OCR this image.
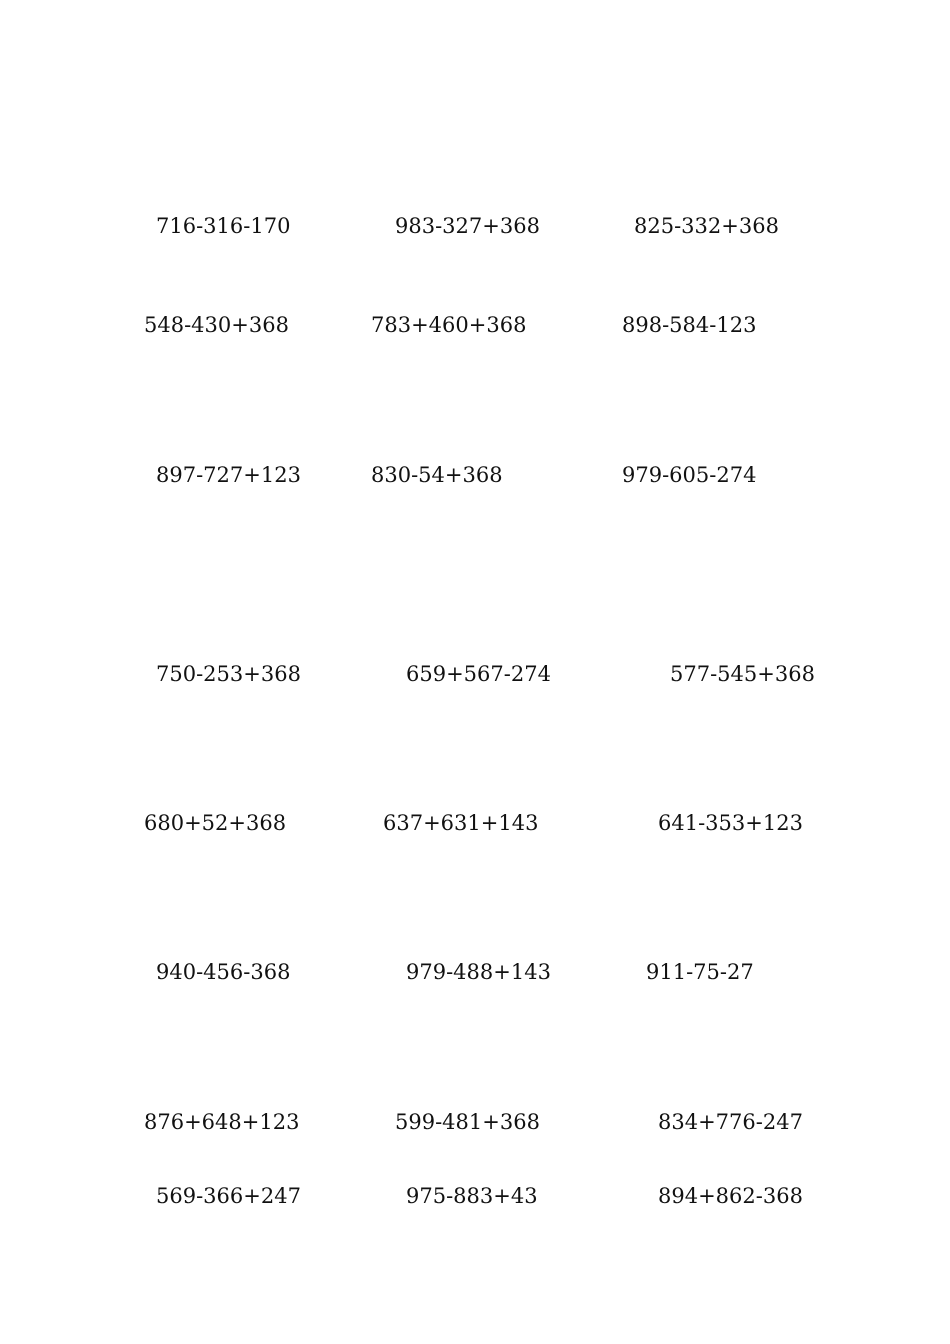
716-316-170	983-327+368	825-332+368
548-430+368	783+460+368	898-584-123
897-727+123	830-54+368	979-605-274
750-253+368	659+567-274	577-545+368
680+52+368	637+631+143	641-353+123
940-456-368	979-488+143	911-75-27
876+648+123	599-481+368	834+776-247
569-366+247	975-883+43	894+862-368
